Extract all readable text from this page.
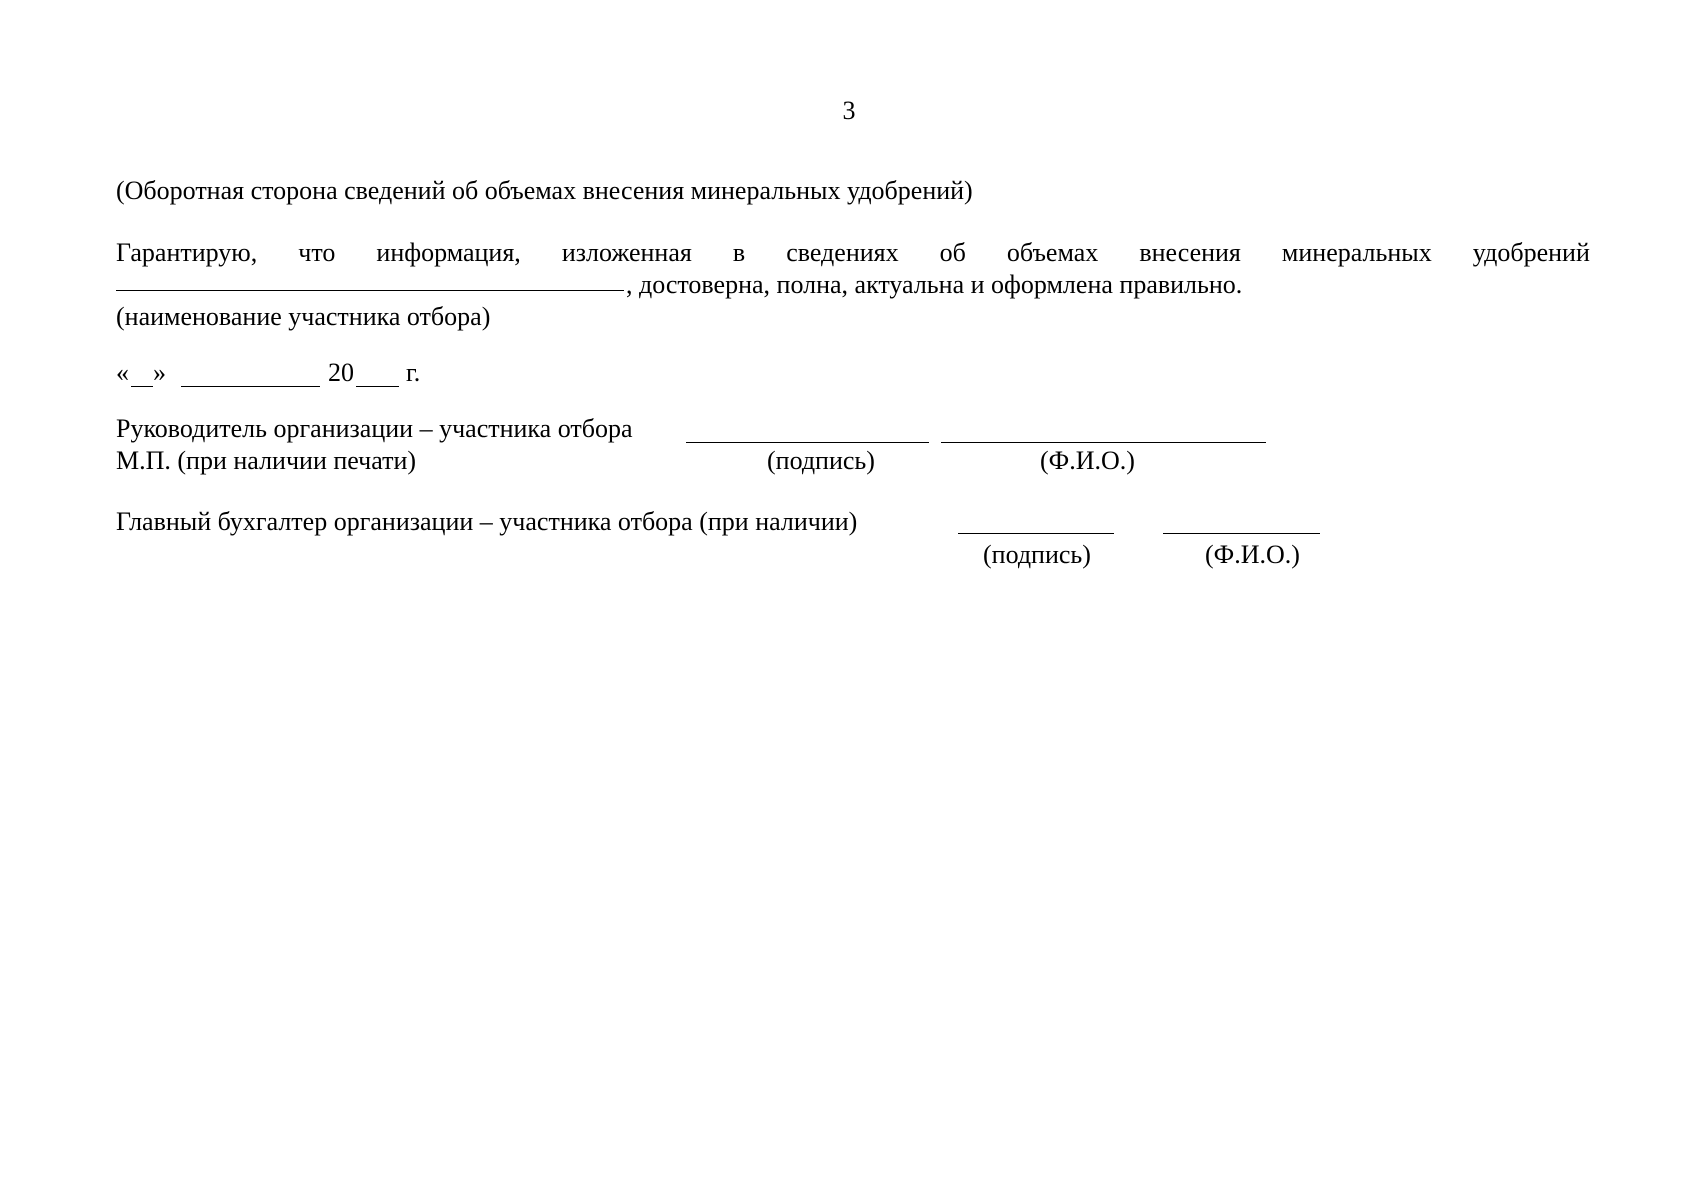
3
(Оборотная сторона сведений об объемах внесения минеральных удобрений)
Гарантирую, что информация, изложенная в сведениях об объемах внесения минеральных удобрений
, достоверна, полна, актуальна и оформлена правильно.
(наименование участника отбора)
« »	20 г.
Руководитель организации – участника отбора
М.П. (при наличии печати)	(подпись)	(Ф.И.О.)
Главный бухгалтер организации – участника отбора (при наличии)
(подпись)	(Ф.И.О.)
